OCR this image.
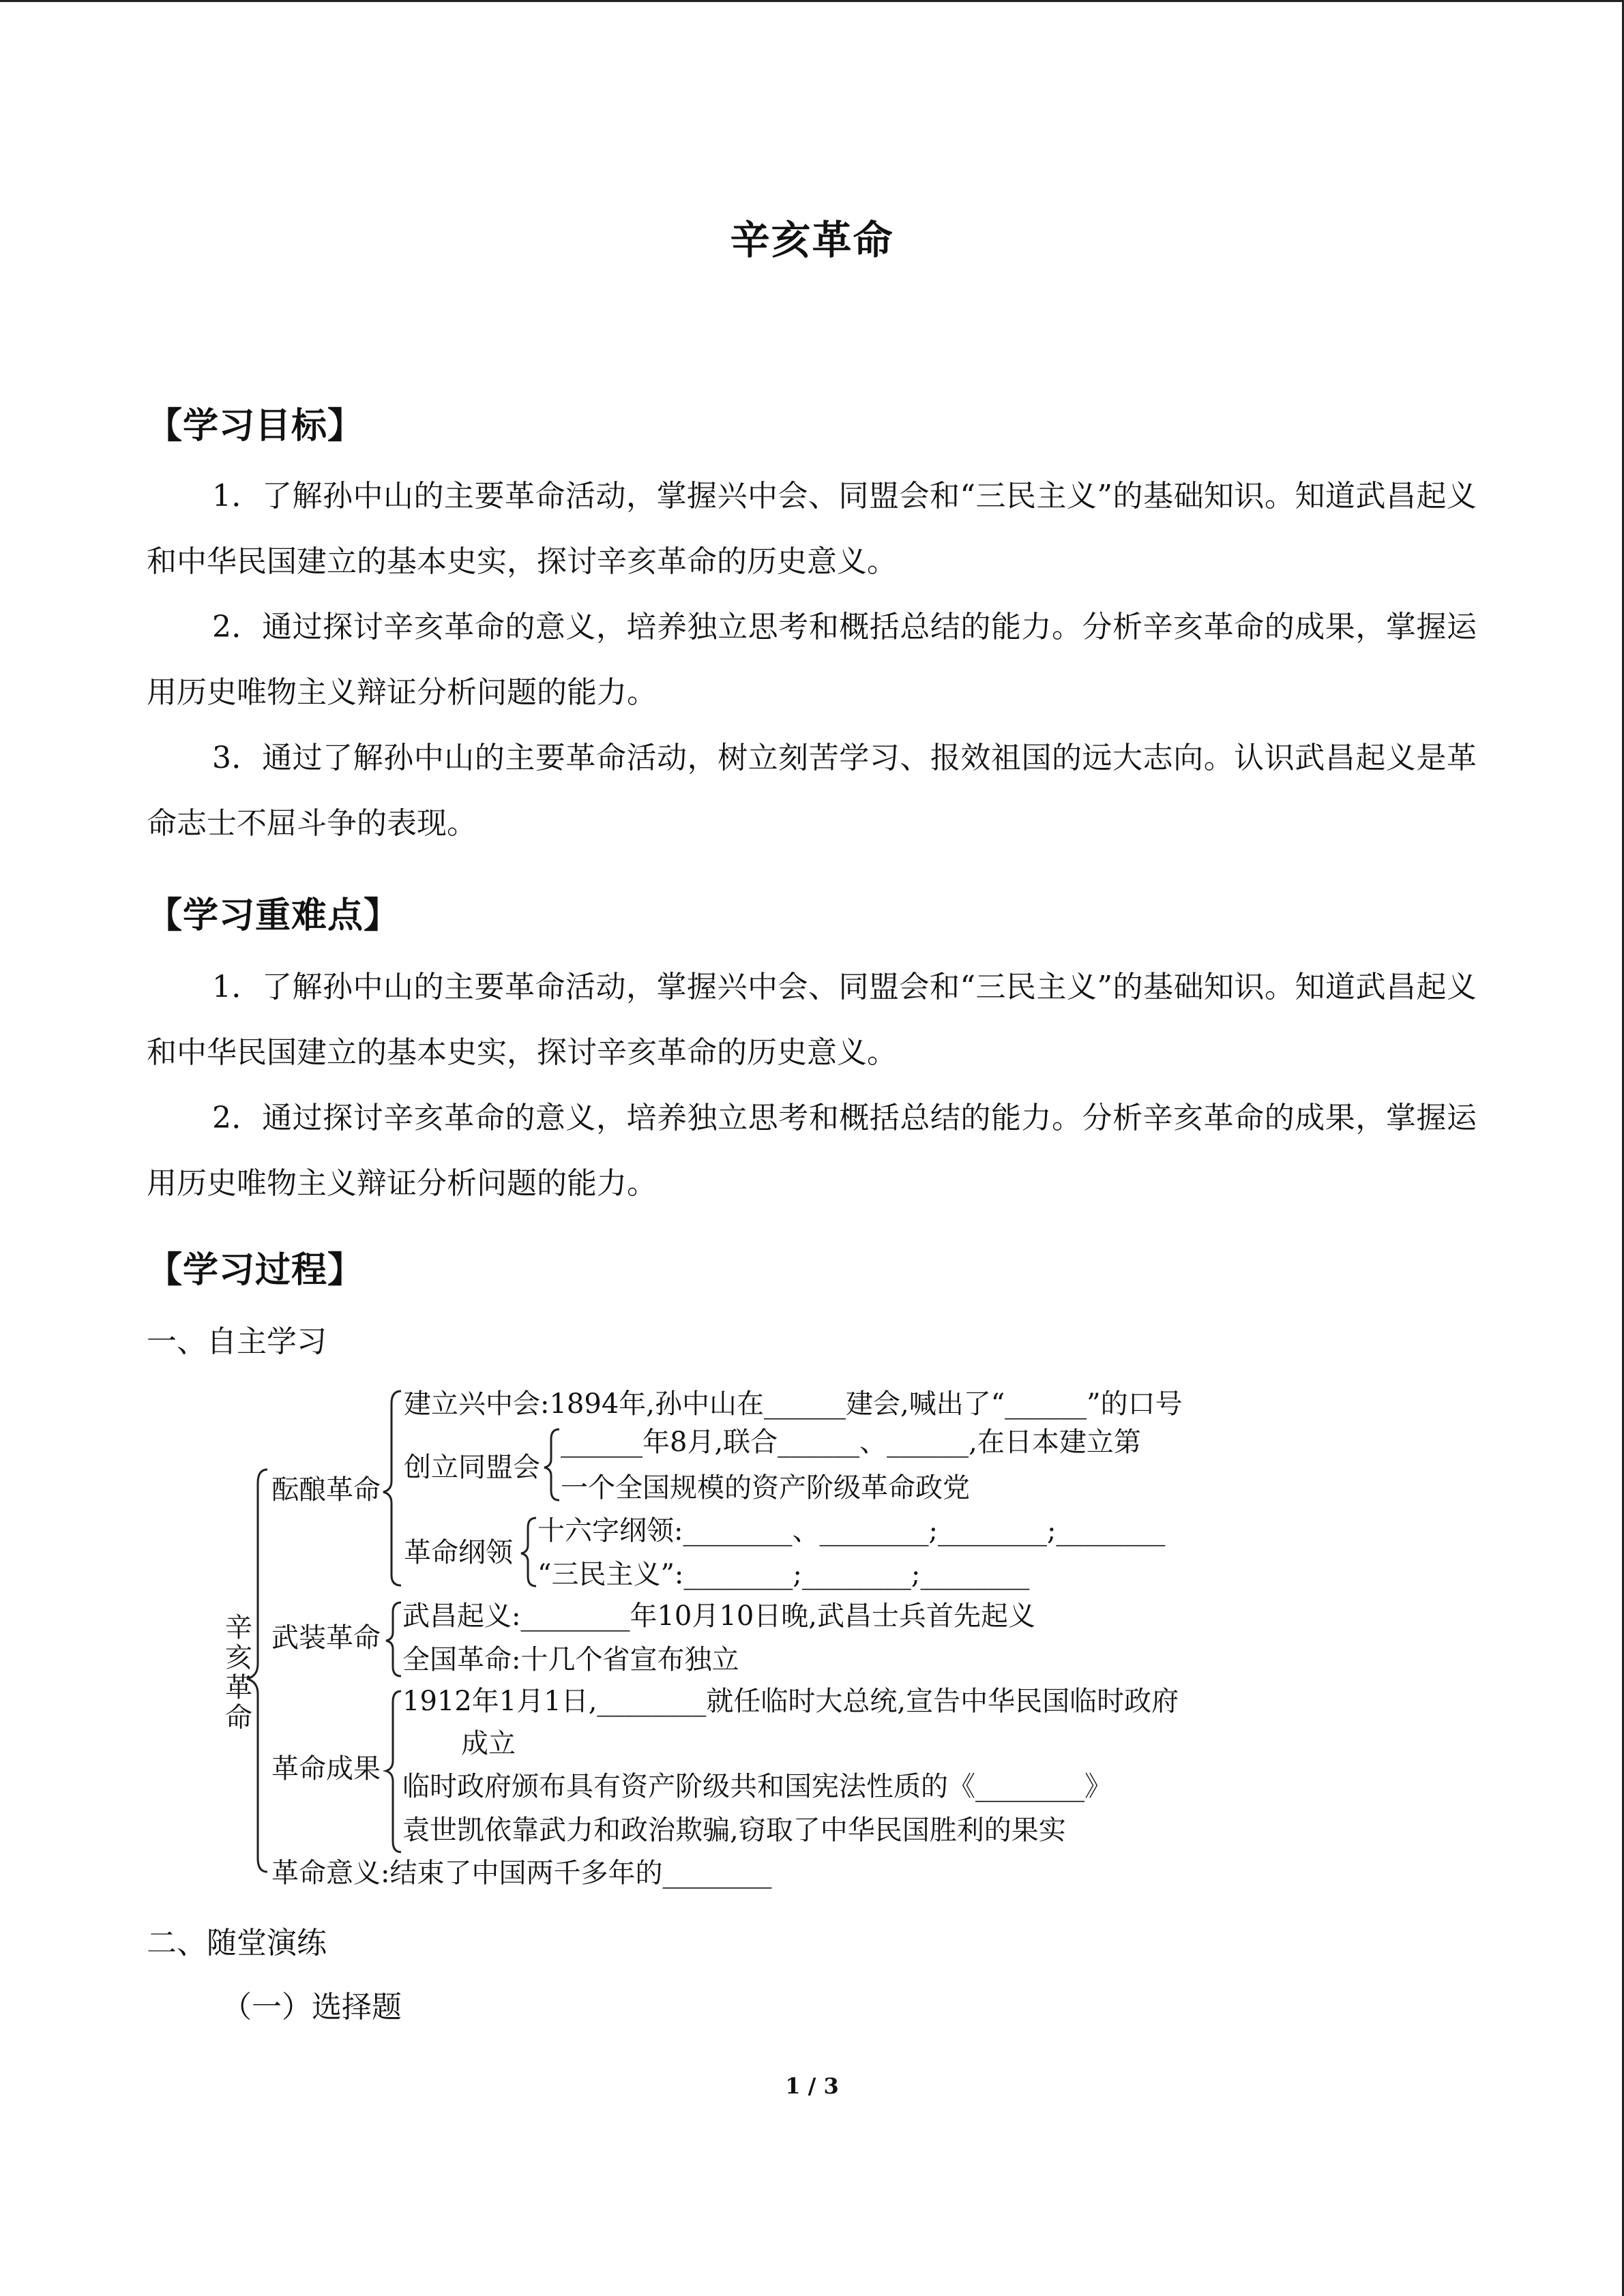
辛亥革命
【学习目标】
1．了解孙中山的主要革命活动，掌握兴中会、同盟会和“三民主义”的基础知识。知道武昌起义和中华民国建立的基本史实，探讨辛亥革命的历史意义。
2．通过探讨辛亥革命的意义，培养独立思考和概括总结的能力。分析辛亥革命的成果，掌握运用历史唯物主义辩证分析问题的能力。
3．通过了解孙中山的主要革命活动，树立刻苦学习、报效祖国的远大志向。认识武昌起义是革命志士不屈斗争的表现。
【学习重难点】
1．了解孙中山的主要革命活动，掌握兴中会、同盟会和“三民主义”的基础知识。知道武昌起义和中华民国建立的基本史实，探讨辛亥革命的历史意义。
2．通过探讨辛亥革命的意义，培养独立思考和概括总结的能力。分析辛亥革命的成果，掌握运用历史唯物主义辩证分析问题的能力。
【学习过程】
一、自主学习
辛
亥
革
命
酝酿革命
武装革命
革命成果
革命意义:结束了中国两千多年的________
建立兴中会:1894年,孙中山在______建会,喊出了“______”的口号
创立同盟会
______年8月,联合______、______,在日本建立第
一个全国规模的资产阶级革命政党
革命纲领
十六字纲领:________、________;________;________
“三民主义”:________;________;________
武昌起义:________年10月10日晚,武昌士兵首先起义
全国革命:十几个省宣布独立
1912年1月1日,________就任临时大总统,宣告中华民国临时政府
成立
临时政府颁布具有资产阶级共和国宪法性质的《________》
袁世凯依靠武力和政治欺骗,窃取了中华民国胜利的果实
二、随堂演练
（一）选择题
1 / 3
